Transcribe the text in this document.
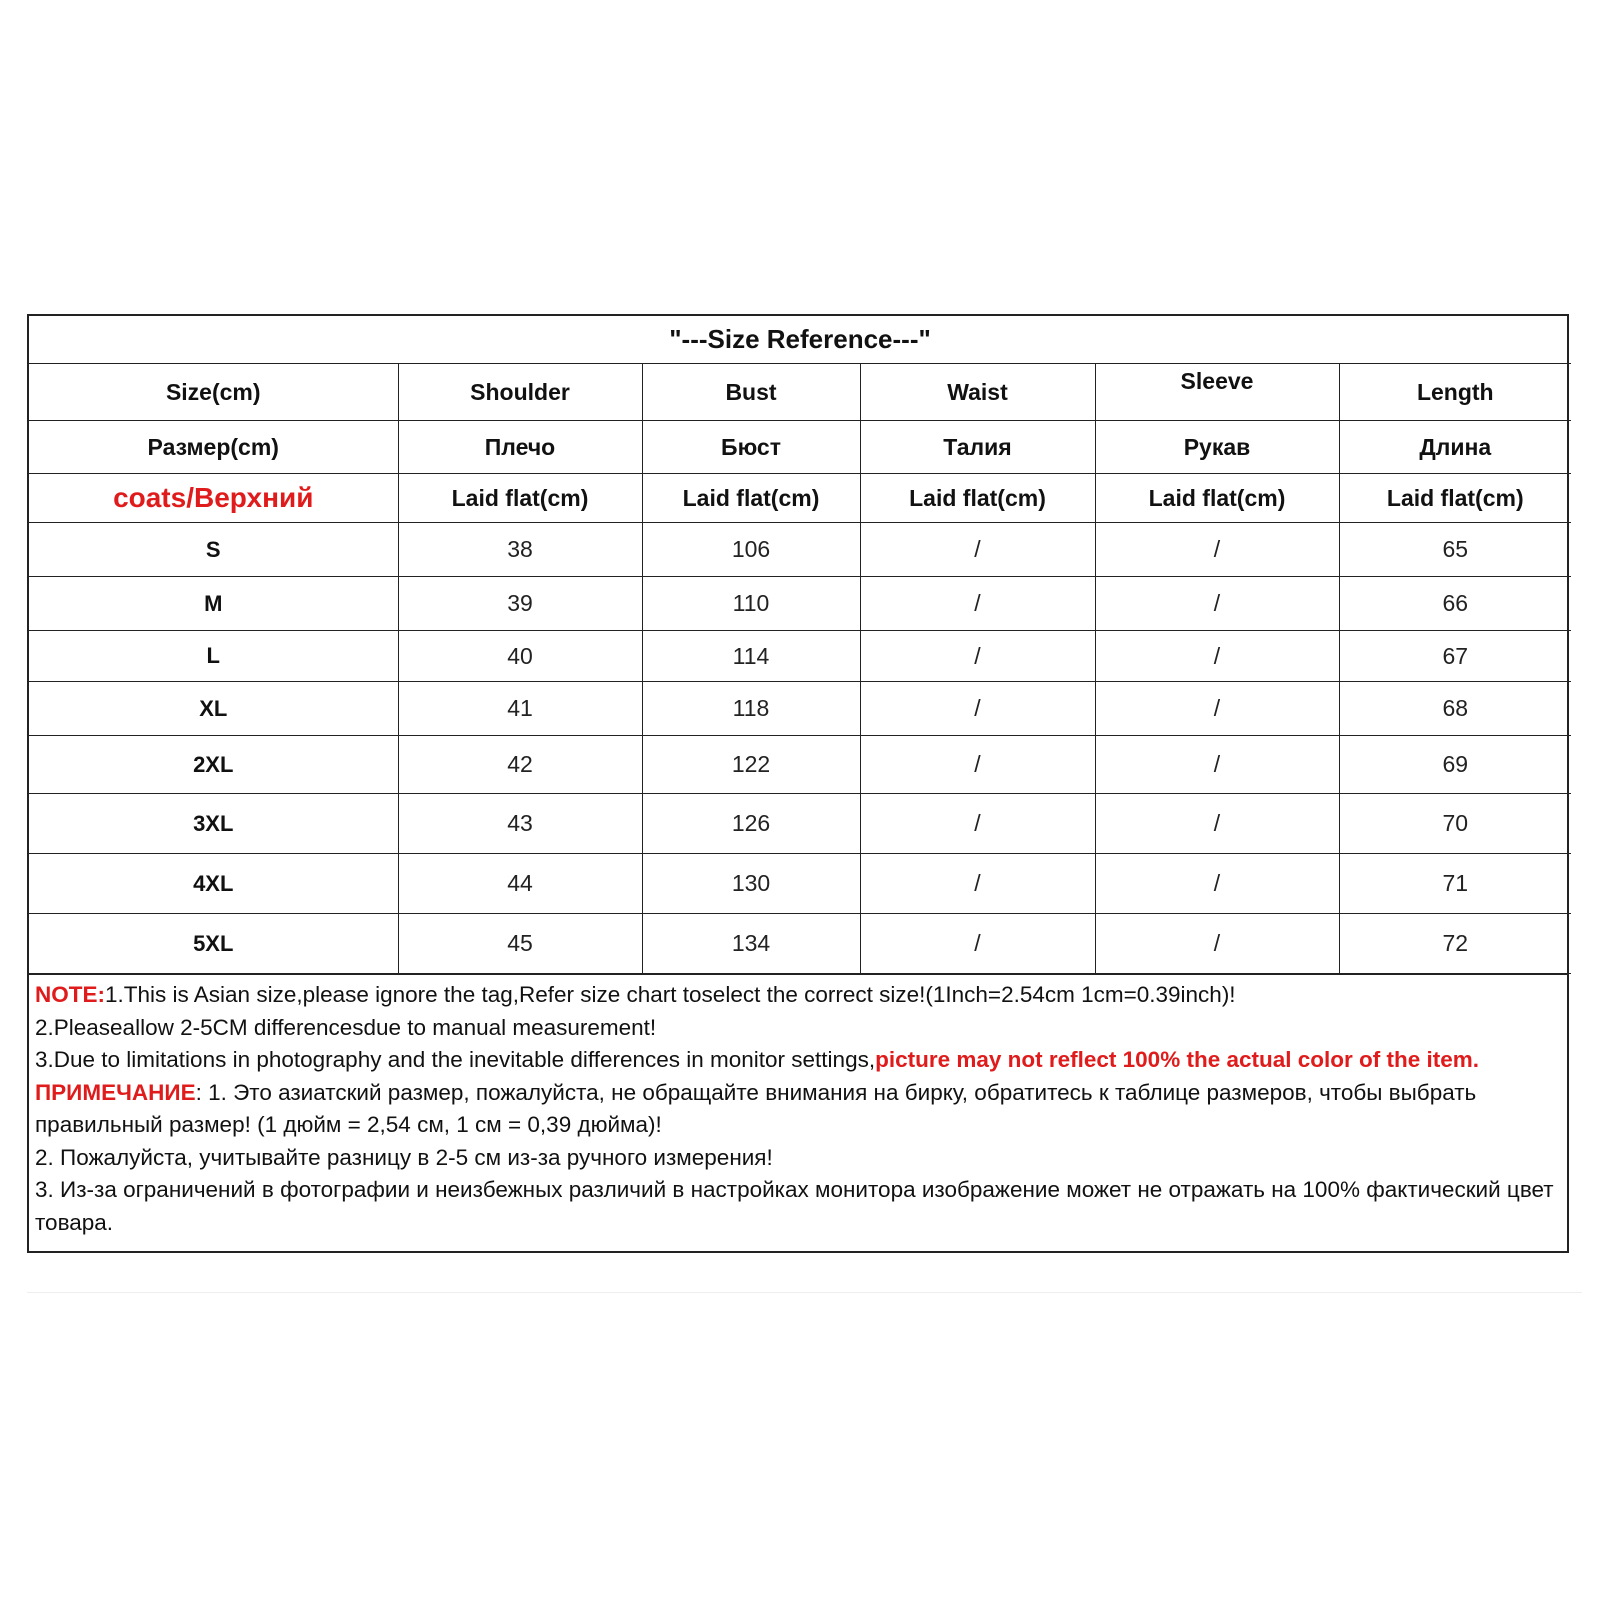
"---Size Reference---"					
Size(cm)	Shoulder	Bust	Waist	Sleeve	Length
Размер(cm)	Плечо	Бюст	Талия	Рукав	Длина
coats/Верхний	Laid flat(cm)	Laid flat(cm)	Laid flat(cm)	Laid flat(cm)	Laid flat(cm)
S	38	106	/	/	65
M	39	110	/	/	66
L	40	114	/	/	67
XL	41	118	/	/	68
2XL	42	122	/	/	69
3XL	43	126	/	/	70
4XL	44	130	/	/	71
5XL	45	134	/	/	72

NOTE:1.This is Asian size,please ignore the tag,Refer size chart toselect the correct size!(1Inch=2.54cm 1cm=0.39inch)!

2.Pleaseallow 2-5CM differencesdue to manual measurement!

3.Due to limitations in photography and the inevitable differences in monitor settings,picture may not reflect 100% the actual color of the item.

ПРИМЕЧАНИЕ: 1. Это азиатский размер, пожалуйста, не обращайте внимания на бирку, обратитесь к таблице размеров, чтобы выбрать правильный размер! (1 дюйм = 2,54 см, 1 см = 0,39 дюйма)!

2. Пожалуйста, учитывайте разницу в 2-5 см из-за ручного измерения!

3. Из-за ограничений в фотографии и неизбежных различий в настройках монитора изображение может не отражать на 100% фактический цвет товара.
